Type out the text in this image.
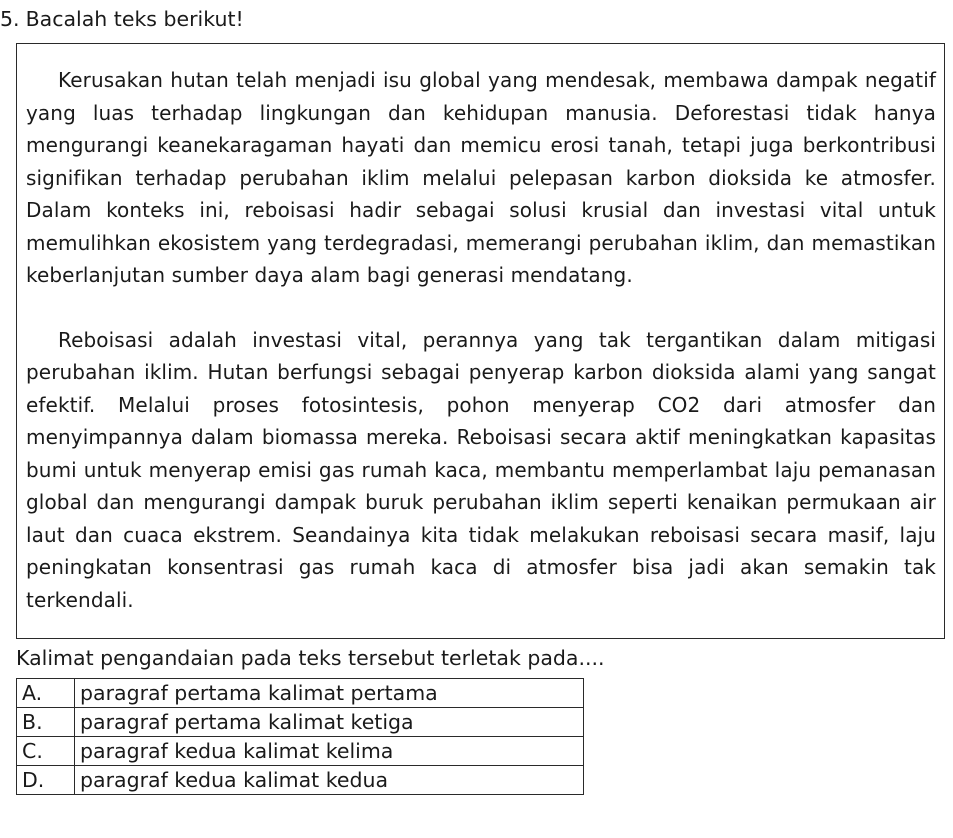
5. Bacalah teks berikut!

Kerusakan hutan telah menjadi isu global yang mendesak, membawa dampak negatif yang luas terhadap lingkungan dan kehidupan manusia. Deforestasi tidak hanya mengurangi keanekaragaman hayati dan memicu erosi tanah, tetapi juga berkontribusi signifikan terhadap perubahan iklim melalui pelepasan karbon dioksida ke atmosfer. Dalam konteks ini, reboisasi hadir sebagai solusi krusial dan investasi vital untuk memulihkan ekosistem yang terdegradasi, memerangi perubahan iklim, dan memastikan keberlanjutan sumber daya alam bagi generasi mendatang.

Reboisasi adalah investasi vital, perannya yang tak tergantikan dalam mitigasi perubahan iklim. Hutan berfungsi sebagai penyerap karbon dioksida alami yang sangat efektif. Melalui proses fotosintesis, pohon menyerap CO2 dari atmosfer dan menyimpannya dalam biomassa mereka. Reboisasi secara aktif meningkatkan kapasitas bumi untuk menyerap emisi gas rumah kaca, membantu memperlambat laju pemanasan global dan mengurangi dampak buruk perubahan iklim seperti kenaikan permukaan air laut dan cuaca ekstrem. Seandainya kita tidak melakukan reboisasi secara masif, laju peningkatan konsentrasi gas rumah kaca di atmosfer bisa jadi akan semakin tak terkendali.

Kalimat pengandaian pada teks tersebut terletak pada....
A.	paragraf pertama kalimat pertama
B.	paragraf pertama kalimat ketiga
C.	paragraf kedua kalimat kelima
D.	paragraf kedua kalimat kedua
